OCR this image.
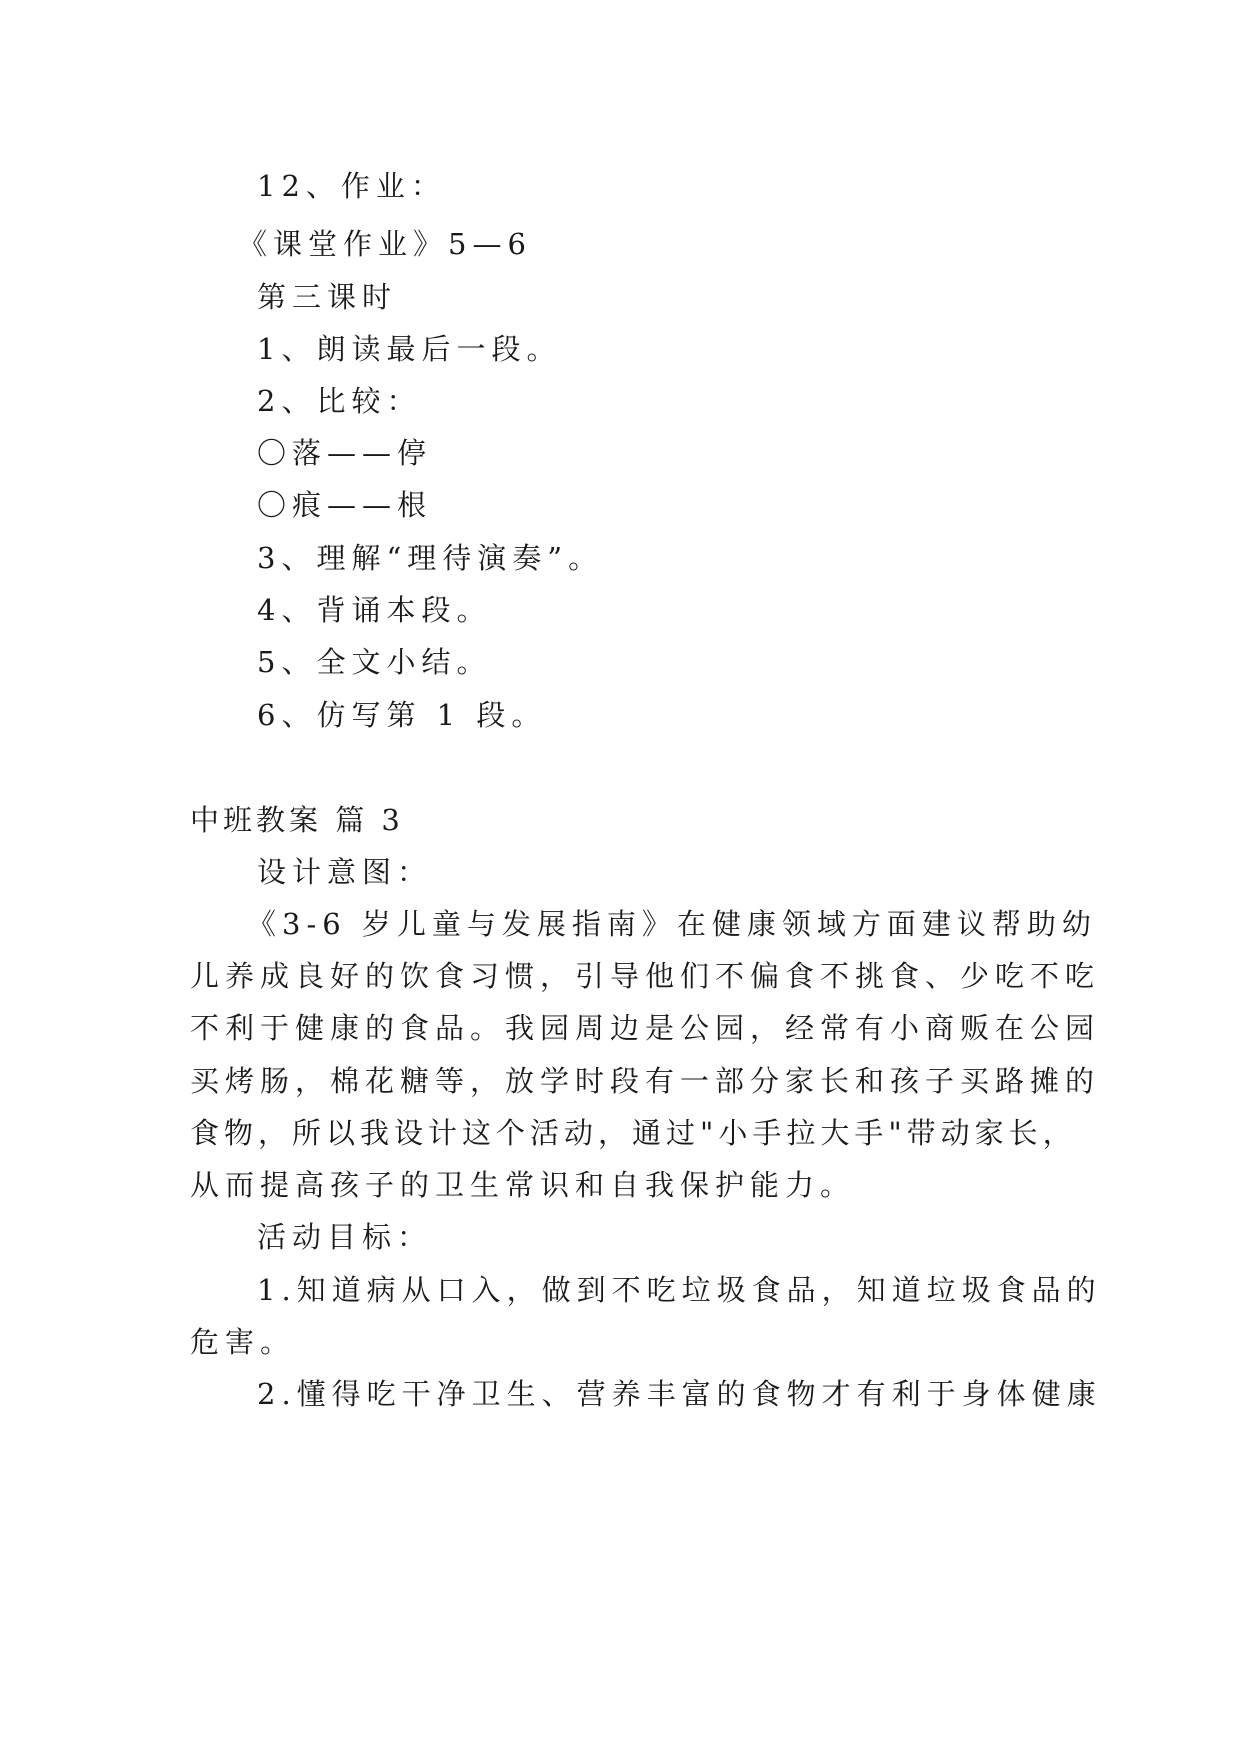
12、作业：
《课堂作业》5—6
第三课时
1、朗读最后一段。
2、比较：
〇落——停
〇痕——根
3、理解“理待演奏”。
4、背诵本段。
5、全文小结。
6、仿写第 1 段。
中班教案 篇 3
设计意图：
《3-6 岁儿童与发展指南》在健康领域方面建议帮助幼
儿养成良好的饮食习惯，引导他们不偏食不挑食、少吃不吃
不利于健康的食品。我园周边是公园，经常有小商贩在公园
买烤肠，棉花糖等，放学时段有一部分家长和孩子买路摊的
食物，所以我设计这个活动，通过"小手拉大手"带动家长，
从而提高孩子的卫生常识和自我保护能力。
活动目标：
1.知道病从口入，做到不吃垃圾食品，知道垃圾食品的
危害。
2.懂得吃干净卫生、营养丰富的食物才有利于身体健康
